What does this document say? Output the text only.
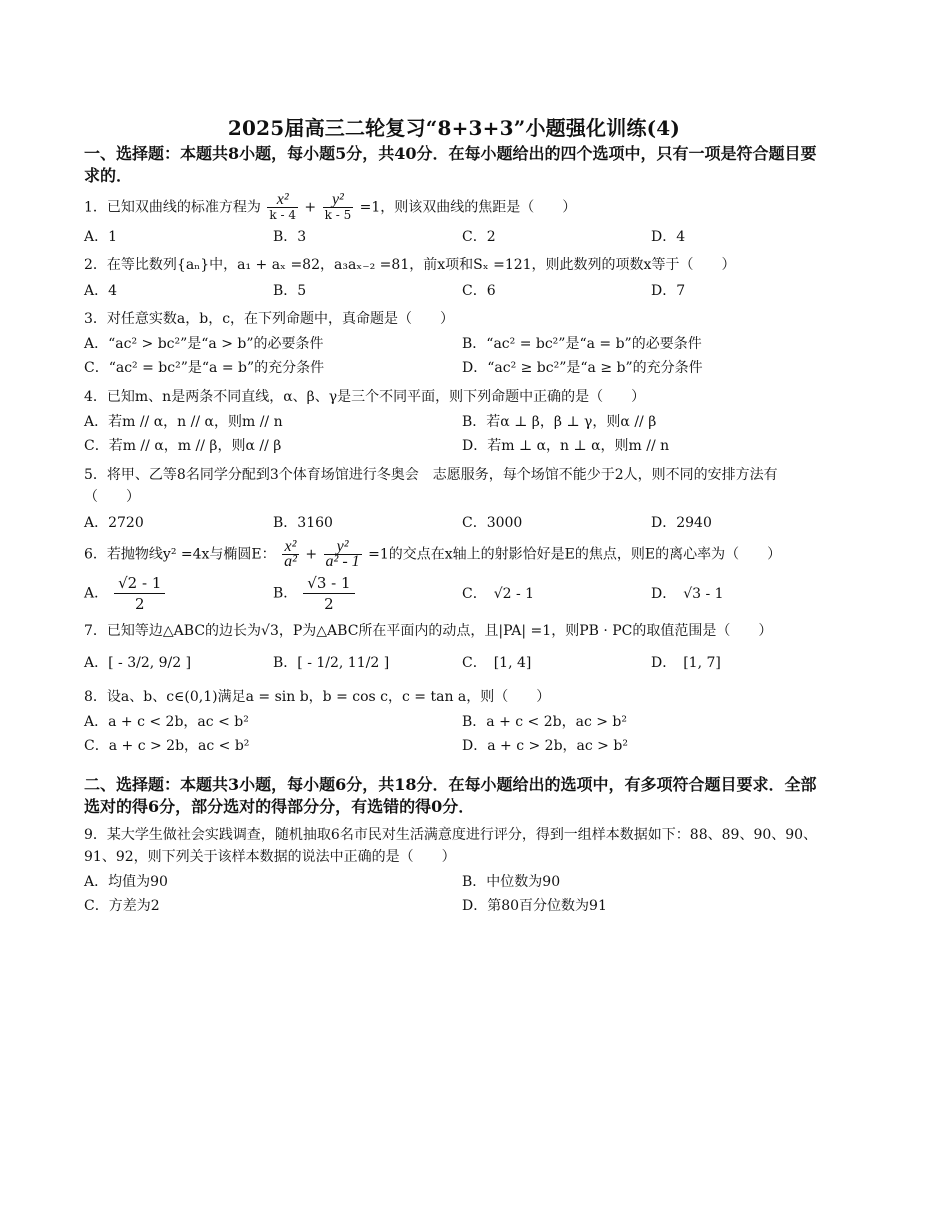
2025届高三二轮复习“8+3+3”小题强化训练(4)
一、选择题：本题共8小题，每小题5分，共40分．在每小题给出的四个选项中，只有一项是符合题目要求的．
1．已知双曲线的标准方程为 $\frac{\text{x²}}{k - 4} + \frac{\text{y²}}{k - 5} =1$，则该双曲线的焦距是（　　）
A．1	B．3	C．2	D．4
2．在等比数列{aₙ}中，a₁ + aₓ =82，a₃aₓ₋₂ =81，前x项和Sₓ =121，则此数列的项数x等于（　　）
A．4	B．5	C．6	D．7
3．对任意实数a，b，c，在下列命题中，真命题是（　　）
A．“ac² > bc²”是“a > b”的必要条件	B．“ac² = bc²”是“a = b”的必要条件
C．“ac² = bc²”是“a = b”的充分条件	D．“ac² ≥ bc²”是“a ≥ b”的充分条件
4．已知m、n是两条不同直线，α、β、γ是三个不同平面，则下列命题中正确的是（　　）
A．若m // α，n // α，则m // n	B．若α ⊥ β，β ⊥ γ，则α // β
C．若m // α，m // β，则α // β	D．若m ⊥ α，n ⊥ α，则m // n
5．将甲、乙等8名同学分配到3个体育场馆进行冬奥会　志愿服务，每个场馆不能少于2人，则不同的安排方法有（　　）
A．2720	B．3160	C．3000	D．2940
6．若抛物线y² =4x与椭圆E： $\frac{\text{x²}}{\text{a²}} + \frac{\text{y²}}{\text{a² - 1}} =1$的交点在x轴上的射影恰好是E的焦点，则E的离心率为（　　）
A． $\frac{√2 - 1}{2}$	B． $\frac{√3 - 1}{2}$	C．　√2 - 1	D．　√3 - 1
7．已知等边△ABC的边长为√3，P为△ABC所在平面内的动点，且|PA| =1，则PB · PC的取值范围是（　　）
A．[ - 3/2, 9/2 ]	B．[ - 1/2, 11/2 ]	C．　[1, 4]	D．　[1, 7]
8．设a、b、c∈(0,1)满足a = sin b，b = cos c，c = tan a，则（　　）
A．a + c < 2b，ac < b²	B．a + c < 2b，ac > b²
C．a + c > 2b，ac < b²	D．a + c > 2b，ac > b²
二、选择题：本题共3小题，每小题6分，共18分．在每小题给出的选项中，有多项符合题目要求．全部选对的得6分，部分选对的得部分分，有选错的得0分．
9．某大学生做社会实践调查，随机抽取6名市民对生活满意度进行评分，得到一组样本数据如下：88、89、90、90、91、92，则下列关于该样本数据的说法中正确的是（　　）
A．均值为90	B．中位数为90
C．方差为2	D．第80百分位数为91
